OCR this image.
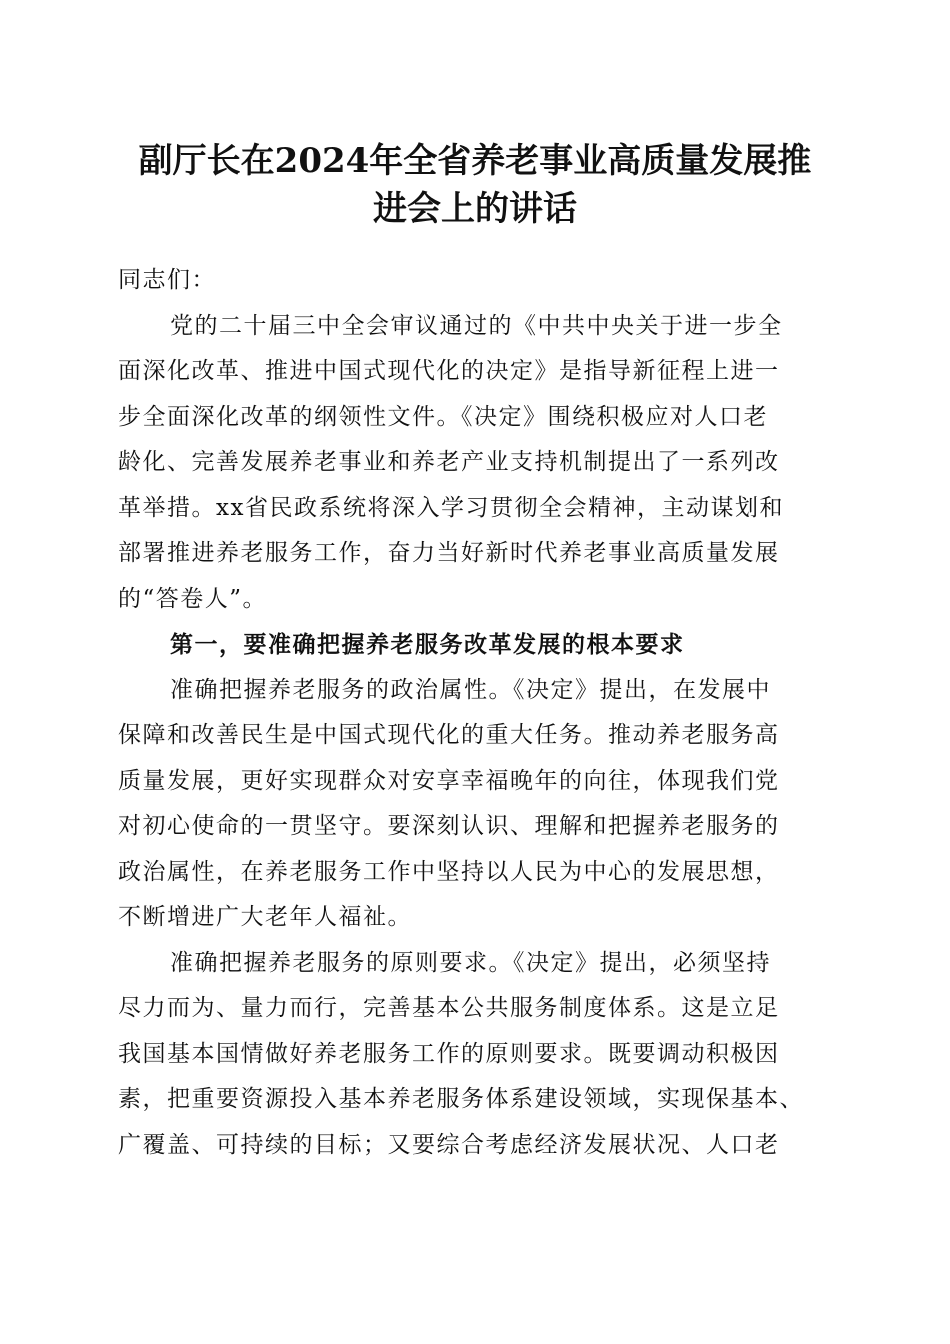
副厅长在2024年全省养老事业高质量发展推
进会上的讲话
同志们：
党的二十届三中全会审议通过的《中共中央关于进一步全
面深化改革、推进中国式现代化的决定》是指导新征程上进一
步全面深化改革的纲领性文件。《决定》围绕积极应对人口老
龄化、完善发展养老事业和养老产业支持机制提出了一系列改
革举措。xx省民政系统将深入学习贯彻全会精神，主动谋划和
部署推进养老服务工作，奋力当好新时代养老事业高质量发展
的“答卷人”。
第一，要准确把握养老服务改革发展的根本要求
准确把握养老服务的政治属性。《决定》提出，在发展中
保障和改善民生是中国式现代化的重大任务。推动养老服务高
质量发展，更好实现群众对安享幸福晚年的向往，体现我们党
对初心使命的一贯坚守。要深刻认识、理解和把握养老服务的
政治属性，在养老服务工作中坚持以人民为中心的发展思想，
不断增进广大老年人福祉。
准确把握养老服务的原则要求。《决定》提出，必须坚持
尽力而为、量力而行，完善基本公共服务制度体系。这是立足
我国基本国情做好养老服务工作的原则要求。既要调动积极因
素，把重要资源投入基本养老服务体系建设领域，实现保基本、
广覆盖、可持续的目标；又要综合考虑经济发展状况、人口老
